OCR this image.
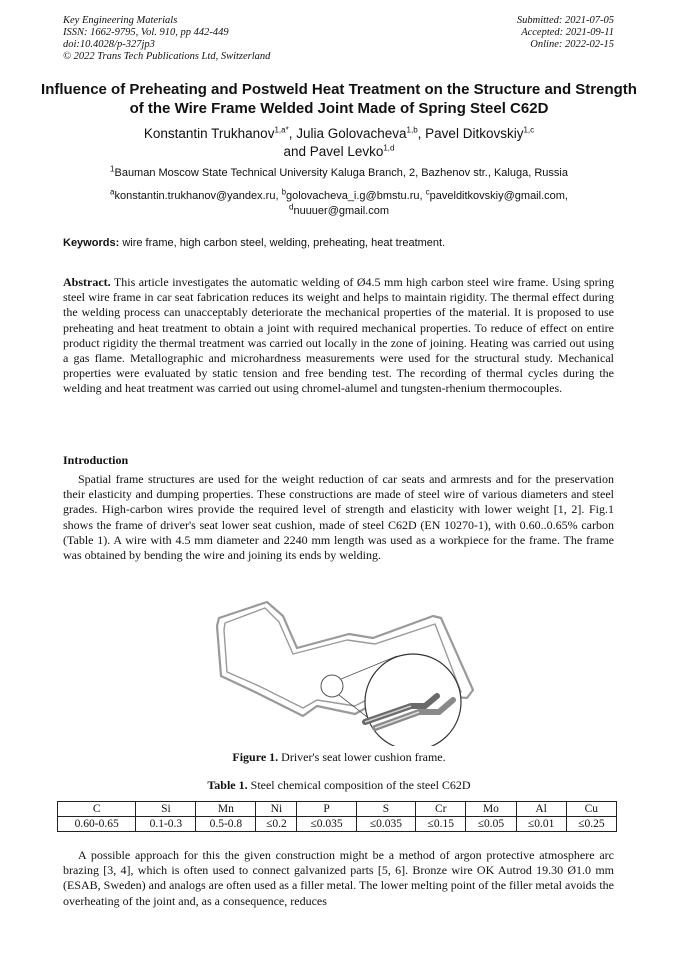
Key Engineering Materials
ISSN: 1662-9795, Vol. 910, pp 442-449
doi:10.4028/p-327jp3
© 2022 Trans Tech Publications Ltd, Switzerland
Submitted: 2021-07-05
Accepted: 2021-09-11
Online: 2022-02-15
Influence of Preheating and Postweld Heat Treatment on the Structure and Strength of the Wire Frame Welded Joint Made of Spring Steel C62D
Konstantin Trukhanov$^{1,a*}$, Julia Golovacheva$^{1,b}$, Pavel Ditkovskiy$^{1,c}$
and Pavel Levko$^{1,d}$
$^1$Bauman Moscow State Technical University Kaluga Branch, 2, Bazhenov str., Kaluga, Russia
$^a$konstantin.trukhanov@yandex.ru, $^b$golovacheva_i.g@bmstu.ru, $^c$pavelditkovskiy@gmail.com,
$^d$nuuuer@gmail.com
Keywords: wire frame, high carbon steel, welding, preheating, heat treatment.
Abstract. This article investigates the automatic welding of Ø4.5 mm high carbon steel wire frame. Using spring steel wire frame in car seat fabrication reduces its weight and helps to maintain rigidity. The thermal effect during the welding process can unacceptably deteriorate the mechanical properties of the material. It is proposed to use preheating and heat treatment to obtain a joint with required mechanical properties. To reduce of effect on entire product rigidity the thermal treatment was carried out locally in the zone of joining. Heating was carried out using a gas flame. Metallographic and microhardness measurements were used for the structural study. Mechanical properties were evaluated by static tension and free bending test. The recording of thermal cycles during the welding and heat treatment was carried out using chromel-alumel and tungsten-rhenium thermocouples.
Introduction
Spatial frame structures are used for the weight reduction of car seats and armrests and for the preservation their elasticity and dumping properties. These constructions are made of steel wire of various diameters and steel grades. High-carbon wires provide the required level of strength and elasticity with lower weight [1, 2]. Fig.1 shows the frame of driver's seat lower seat cushion, made of steel C62D (EN 10270-1), with 0.60..0.65% carbon (Table 1). A wire with 4.5 mm diameter and 2240 mm length was used as a workpiece for the frame. The frame was obtained by bending the wire and joining its ends by welding.
Figure 1. Driver's seat lower cushion frame.
Table 1. Steel chemical composition of the steel C62D
C	Si	Mn	Ni	P	S	Cr	Mo	Al	Cu
0.60-0.65	0.1-0.3	0.5-0.8	≤0.2	≤0.035	≤0.035	≤0.15	≤0.05	≤0.01	≤0.25
A possible approach for this the given construction might be a method of argon protective atmosphere arc brazing [3, 4], which is often used to connect galvanized parts [5, 6]. Bronze wire OK Autrod 19.30 Ø1.0 mm (ESAB, Sweden) and analogs are often used as a filler metal. The lower melting point of the filler metal avoids the overheating of the joint and, as a consequence, reduces
